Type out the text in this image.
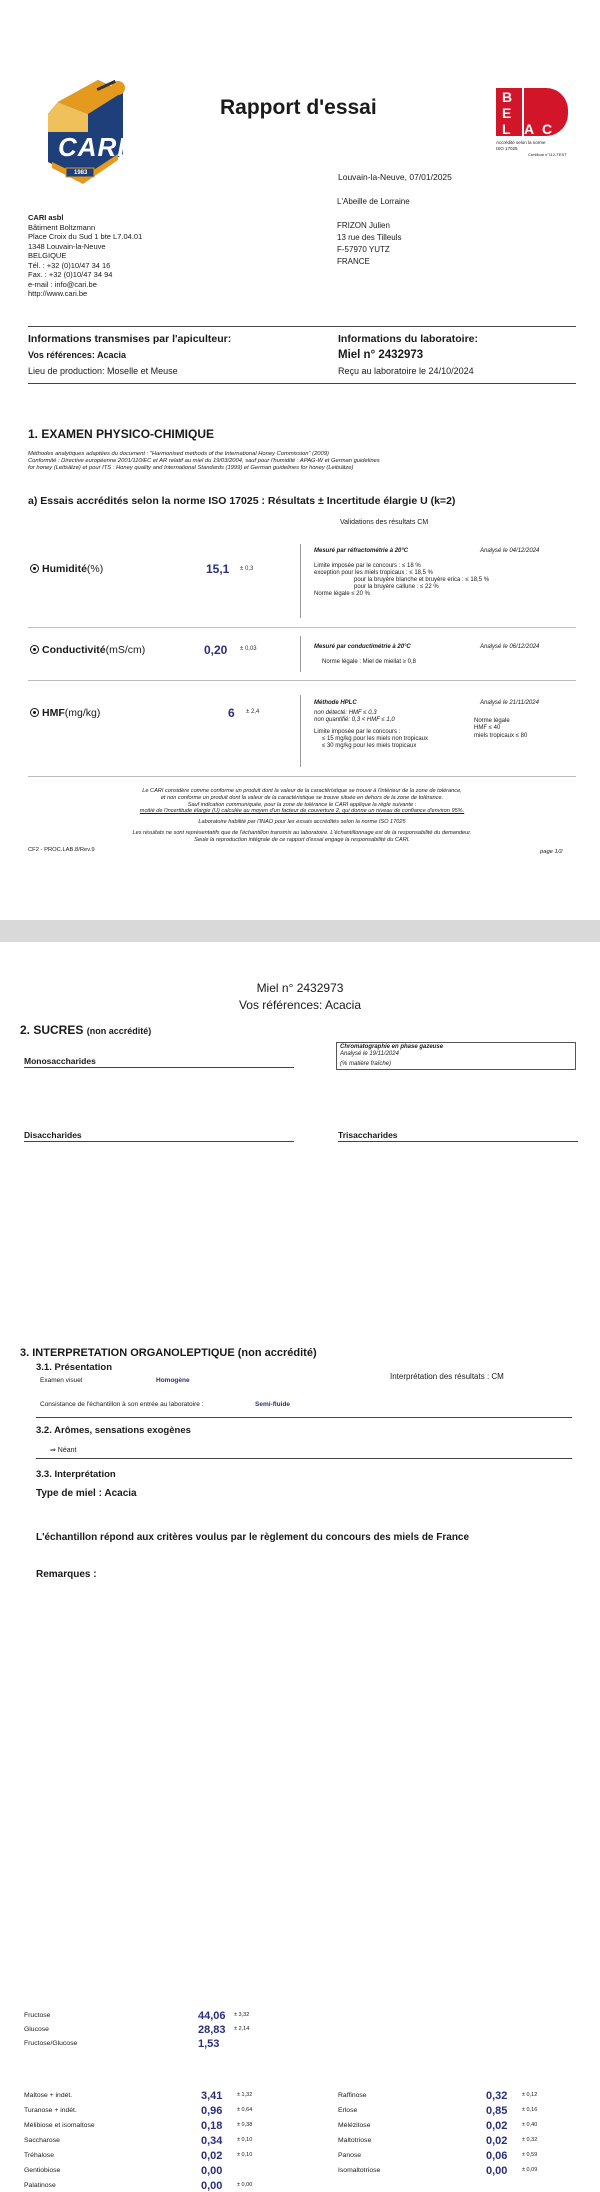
CARI
1983
Rapport d'essai	B
E
L A C
Accrédité selon la norme
ISO 17025
Certificat n°112-TEST
Louvain-la-Neuve, 07/01/2025
L'Abeille de Lorraine
FRIZON Julien
13 rue des Tilleuls
F-57970 YUTZ
FRANCE
CARI asbl
Bâtiment Boltzmann
Place Croix du Sud 1 bte L7.04.01
1348 Louvain-la-Neuve
BELGIQUE
Tél. : +32 (0)10/47 34 16
Fax. : +32 (0)10/47 34 94
e-mail : info@cari.be
http://www.cari.be
Informations transmises par l'apiculteur:
Vos références: Acacia
Lieu de production: Moselle et Meuse
Informations du laboratoire:
Miel n° 2432973
Reçu au laboratoire le 24/10/2024
1. EXAMEN PHYSICO-CHIMIQUE
Méthodes analytiques adaptées du document : "Harmonised methods of the International Honey Commission" (2009)
Conformité : Directive européenne 2001/110/EC et AR relatif au miel du 19/03/2004, sauf pour l'humidité : APAG-W et German guidelines
for honey (Leitsätze) et pour ITS : Honey quality and International Standards (1999) et German guidelines for honey (Leitsätze)
a) Essais accrédités selon la norme ISO 17025 : Résultats ± Incertitude élargie U (k=2)
Validations des résultats CM
Humidité(%)	15,1 ± 0,3
Mesuré par réfractométrie à 20°C	Analysé le 04/12/2024
Limite imposée par le concours : ≤ 18 %
exception pour les miels tropicaux : ≤ 18,5 %
pour la bruyère blanche et bruyère erica : ≤ 18,5 %
pour la bruyère callune : ≤ 22 %
Norme légale ≤ 20 %
Conductivité(mS/cm)	0,20 ± 0,03	Mesuré par conductimétrie à 20°C	Analysé le 06/12/2024
Norme légale : Miel de miellat ≥ 0,8
HMF(mg/kg)	6 ± 2,4
Méthode HPLC	Analysé le 21/11/2024
non détecté: HMF ≤ 0,3
non quantifié: 0,3 < HMF ≤ 1,0
Limite imposée par le concours :
≤ 15 mg/kg pour les miels non tropicaux
≤ 30 mg/kg pour les miels tropicaux
Norme légale
HMF ≤ 40
miels tropicaux ≤ 80
Le CARI considère comme conforme un produit dont la valeur de la caractéristique se trouve à l'intérieur de la zone de tolérance,
et non conforme un produit dont la valeur de la caractéristique se trouve située en dehors de la zone de tolérance.
Sauf indication communiquée, pour la zone de tolérance le CARI applique la règle suivante :
moitié de l'incertitude élargie (U) calculée au moyen d'un facteur de couverture 2, qui donne un niveau de confiance d'environ 95%.
Laboratoire habilité par l'INAO pour les essais accrédités selon la norme ISO 17025
Les résultats ne sont représentatifs que de l'échantillon transmis au laboratoire. L'échantillonnage est de la responsabilité du demandeur.
Seule la reproduction intégrale de ce rapport d'essai engage la responsabilité du CARI.
CF2 - PROC.LAB.8/Rev.9	page 1/2
Miel n° 2432973
Vos références: Acacia
2. SUCRES (non accrédité)
Chromatographie en phase gazeuse
Analysé le 19/11/2024
(% matière fraîche)
Monosaccharides
Fructose	44,06 ± 3,32
Glucose	28,83 ± 2,14
Fructose/Glucose	1,53
Disaccharides
Maltose + indét.	3,41	± 1,32
Turanose + indét.	0,96	± 0,64
Mélibiose et isomaltose	0,18	± 0,38
Saccharose	0,34	± 0,10
Tréhalose	0,02	± 0,10
Gentiobiose	0,00
Palatinose	0,00	± 0,00
Trisaccharides
Raffinose	0,32	± 0,12
Erlose	0,85	± 0,16
Mélézitose	0,02	± 0,40
Maltotriose	0,02	± 0,32
Panose	0,06	± 0,59
Isomaltotriose	0,00	± 0,09
3. INTERPRETATION ORGANOLEPTIQUE (non accrédité)
3.1. Présentation
Interprétation des résultats : CM
Examen visuel	Homogène
Consistance de l'échantillon à son entrée au laboratoire :	Semi-fluide
3.2. Arômes, sensations exogènes
⇒ Néant
3.3. Interprétation
Type de miel : Acacia
L'échantillon répond aux critères voulus par le règlement du concours des miels de France
Remarques :
